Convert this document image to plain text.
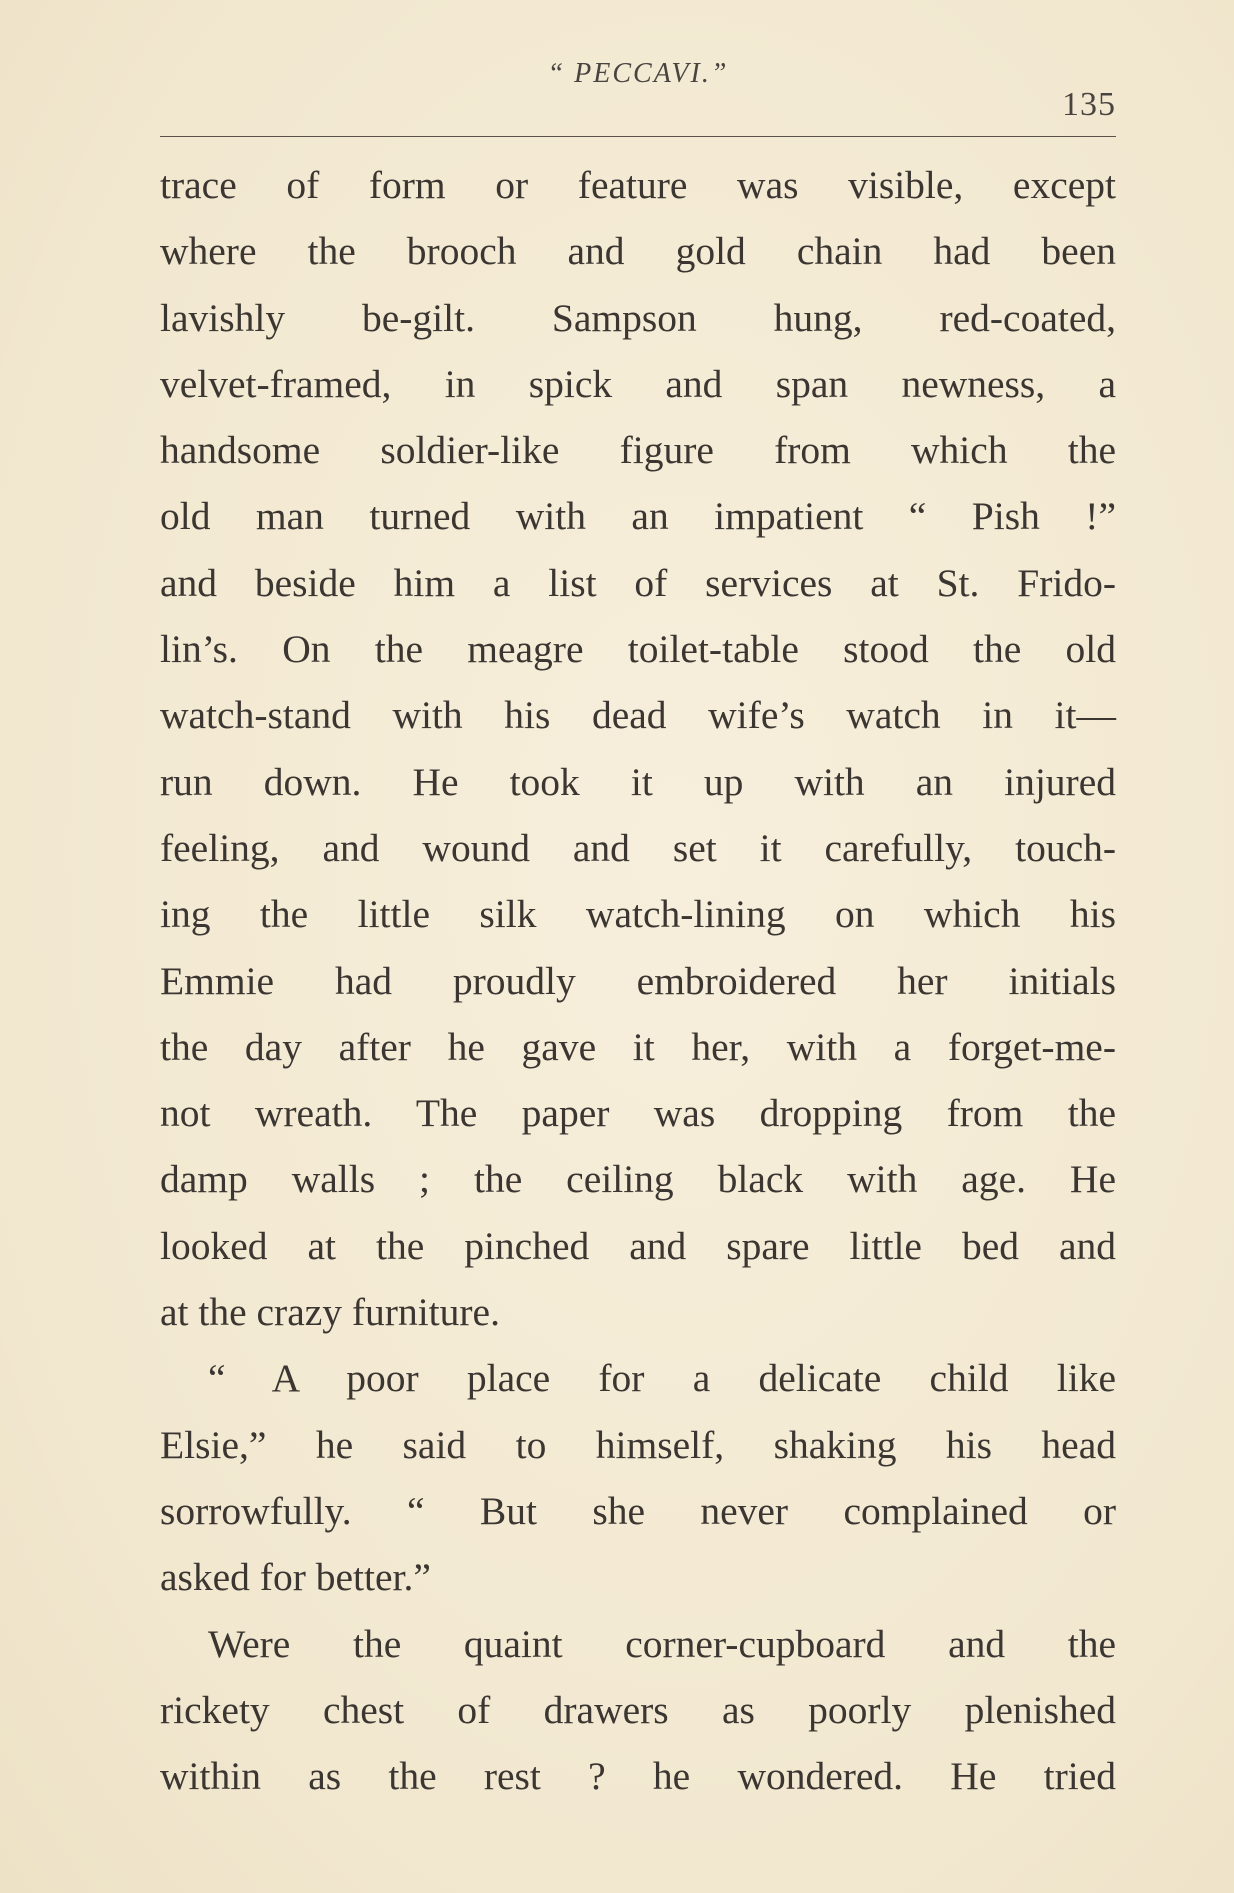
“ PECCAVI.”
135
trace of form or feature was visible, except
where the brooch and gold chain had been
lavishly be-gilt. Sampson hung, red-coated,
velvet-framed, in spick and span newness, a
handsome soldier-like figure from which the
old man turned with an impatient “ Pish !”
and beside him a list of services at St. Frido-
lin’s. On the meagre toilet-table stood the old
watch-stand with his dead wife’s watch in it—
run down. He took it up with an injured
feeling, and wound and set it carefully, touch-
ing the little silk watch-lining on which his
Emmie had proudly embroidered her initials
the day after he gave it her, with a forget-me-
not wreath. The paper was dropping from the
damp walls ; the ceiling black with age. He
looked at the pinched and spare little bed and
at the crazy furniture.
“ A poor place for a delicate child like
Elsie,” he said to himself, shaking his head
sorrowfully. “ But she never complained or
asked for better.”
Were the quaint corner-cupboard and the
rickety chest of drawers as poorly plenished
within as the rest ? he wondered. He tried
